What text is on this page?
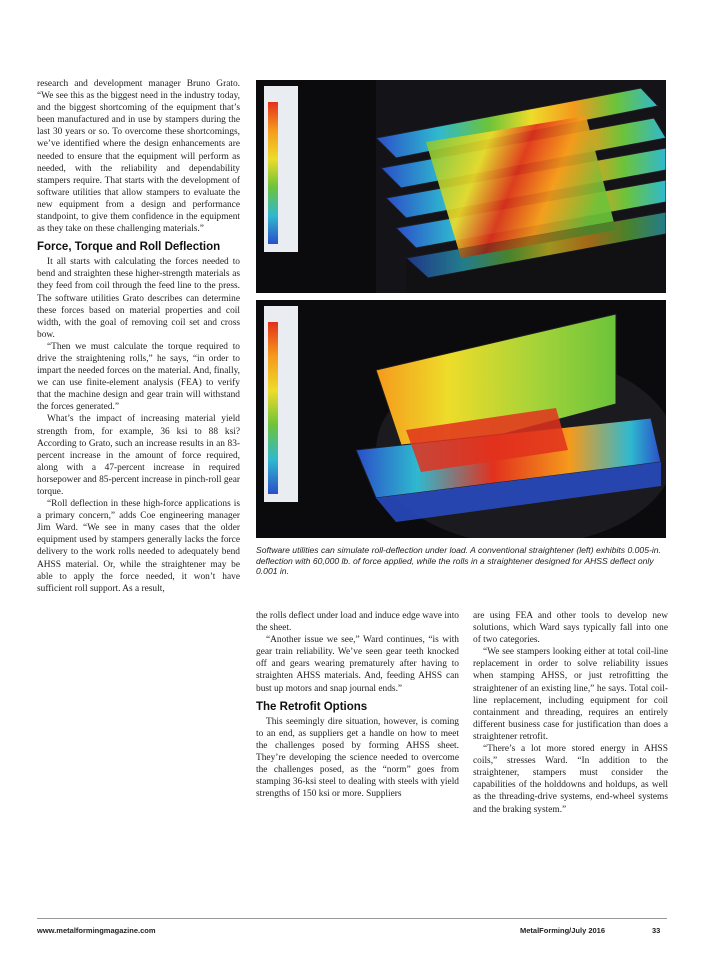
research and development manager Bruno Grato. “We see this as the biggest need in the industry today, and the biggest shortcoming of the equipment that’s been manufactured and in use by stampers during the last 30 years or so. To overcome these shortcomings, we’ve identified where the design enhancements are needed to ensure that the equipment will perform as needed, with the reliability and dependability stampers require. That starts with the development of software utilities that allow stampers to evaluate the new equipment from a design and performance standpoint, to give them confidence in the equipment as they take on these challenging materials.”

Force, Torque and Roll Deflection

It all starts with calculating the forces needed to bend and straighten these higher-strength materials as they feed from coil through the feed line to the press. The software utilities Grato describes can determine these forces based on material properties and coil width, with the goal of removing coil set and cross bow.

“Then we must calculate the torque required to drive the straightening rolls,” he says, “in order to impart the needed forces on the material. And, finally, we can use finite-element analysis (FEA) to verify that the machine design and gear train will withstand the forces generated.”

What’s the impact of increasing material yield strength from, for example, 36 ksi to 88 ksi? According to Grato, such an increase results in an 83-percent increase in the amount of force required, along with a 47-percent increase in required horsepower and 85-percent increase in pinch-roll gear torque.

“Roll deflection in these high-force applications is a primary concern,” adds Coe engineering manager Jim Ward. “We see in many cases that the older equipment used by stampers generally lacks the force delivery to the work rolls needed to adequately bend AHSS material. Or, while the straightener may be able to apply the force needed, it won’t have sufficient roll support. As a result,

Software utilities can simulate roll-deflection under load. A conventional straightener (left) exhibits 0.005-in. deflection with 60,000 lb. of force applied, while the rolls in a straightener designed for AHSS deflect only 0.001 in.

the rolls deflect under load and induce edge wave into the sheet.

“Another issue we see,” Ward continues, “is with gear train reliability. We’ve seen gear teeth knocked off and gears wearing prematurely after having to straighten AHSS materials. And, feeding AHSS can bust up motors and snap journal ends.”

The Retrofit Options

This seemingly dire situation, however, is coming to an end, as suppliers get a handle on how to meet the challenges posed by forming AHSS sheet. They’re developing the science needed to overcome the challenges posed, as the “norm” goes from stamping 36-ksi steel to dealing with steels with yield strengths of 150 ksi or more. Suppliers

are using FEA and other tools to develop new solutions, which Ward says typically fall into one of two categories.

“We see stampers looking either at total coil-line replacement in order to solve reliability issues when stamping AHSS, or just retrofitting the straightener of an existing line,” he says. Total coil-line replacement, including equipment for coil containment and threading, requires an entirely different business case for justification than does a straightener retrofit.

“There’s a lot more stored energy in AHSS coils,” stresses Ward. “In addition to the straightener, stampers must consider the capabilities of the holddowns and holdups, as well as the threading-drive systems, end-wheel systems and the braking system.”

www.metalformingmagazine.com	MetalForming/July 2016	33
